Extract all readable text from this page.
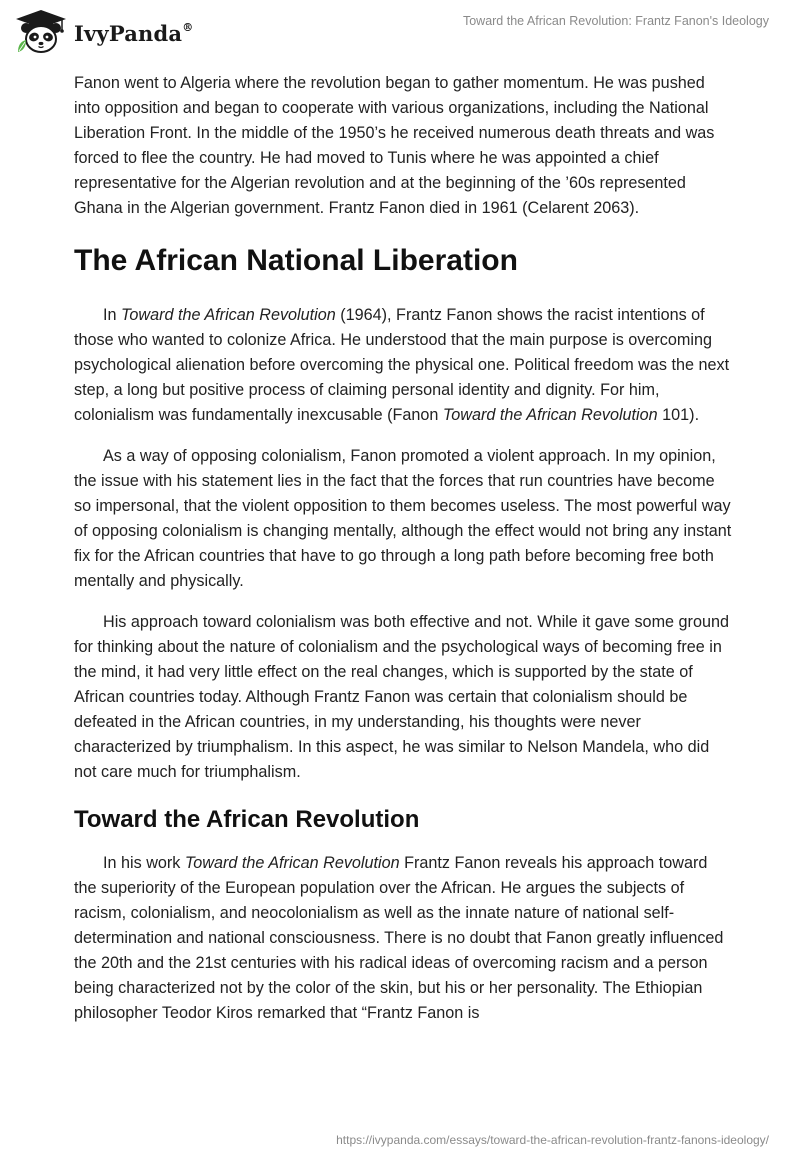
IvyPanda®	Toward the African Revolution: Frantz Fanon's Ideology

Fanon went to Algeria where the revolution began to gather momentum. He was pushed into opposition and began to cooperate with various organizations, including the National Liberation Front. In the middle of the 1950’s he received numerous death threats and was forced to flee the country. He had moved to Tunis where he was appointed a chief representative for the Algerian revolution and at the beginning of the ’60s represented Ghana in the Algerian government. Frantz Fanon died in 1961 (Celarent 2063).

The African National Liberation

In Toward the African Revolution (1964), Frantz Fanon shows the racist intentions of those who wanted to colonize Africa. He understood that the main purpose is overcoming psychological alienation before overcoming the physical one. Political freedom was the next step, a long but positive process of claiming personal identity and dignity. For him, colonialism was fundamentally inexcusable (Fanon Toward the African Revolution 101).

As a way of opposing colonialism, Fanon promoted a violent approach. In my opinion, the issue with his statement lies in the fact that the forces that run countries have become so impersonal, that the violent opposition to them becomes useless. The most powerful way of opposing colonialism is changing mentally, although the effect would not bring any instant fix for the African countries that have to go through a long path before becoming free both mentally and physically.

His approach toward colonialism was both effective and not. While it gave some ground for thinking about the nature of colonialism and the psychological ways of becoming free in the mind, it had very little effect on the real changes, which is supported by the state of African countries today. Although Frantz Fanon was certain that colonialism should be defeated in the African countries, in my understanding, his thoughts were never characterized by triumphalism. In this aspect, he was similar to Nelson Mandela, who did not care much for triumphalism.

Toward the African Revolution

In his work Toward the African Revolution Frantz Fanon reveals his approach toward the superiority of the European population over the African. He argues the subjects of racism, colonialism, and neocolonialism as well as the innate nature of national self-determination and national consciousness. There is no doubt that Fanon greatly influenced the 20th and the 21st centuries with his radical ideas of overcoming racism and a person being characterized not by the color of the skin, but his or her personality. The Ethiopian philosopher Teodor Kiros remarked that “Frantz Fanon is

https://ivypanda.com/essays/toward-the-african-revolution-frantz-fanons-ideology/
